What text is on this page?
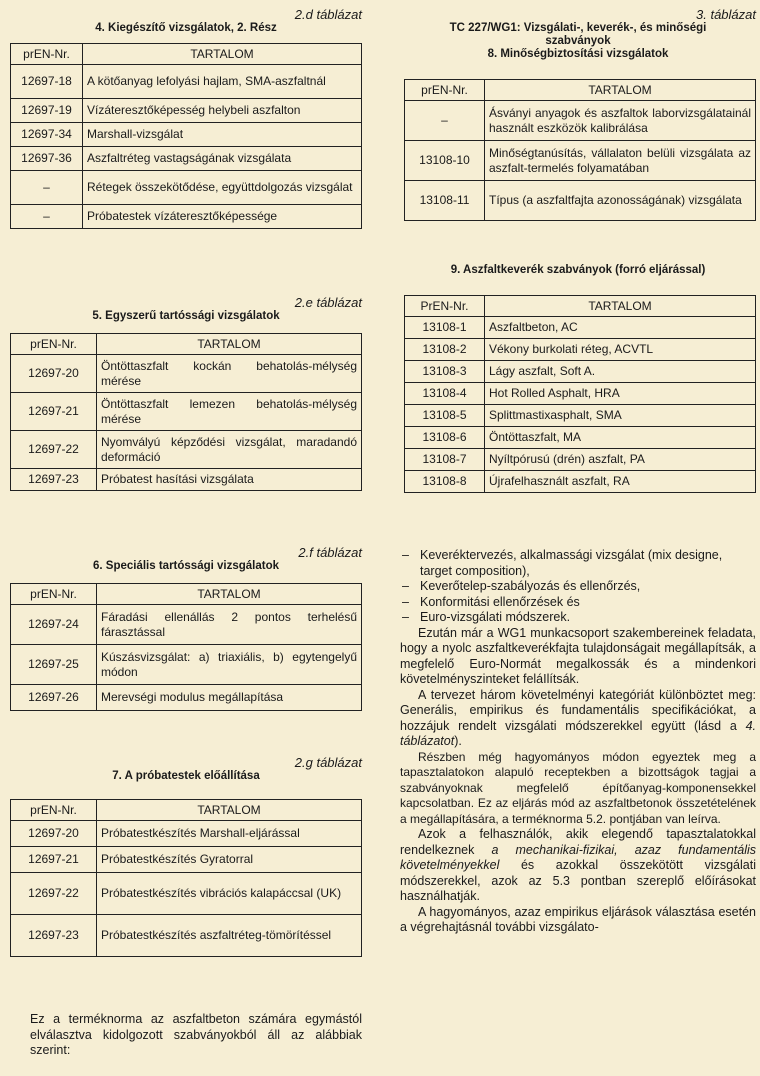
2.d táblázat
4. Kiegészítő vizsgálatok, 2. Rész
prEN-Nr.	TARTALOM
12697-18	A kötőanyag lefolyási hajlam, SMA-aszfaltnál
12697-19	Vízáteresztőképesség helybeli aszfalton
12697-34	Marshall-vizsgálat
12697-36	Aszfaltréteg vastagságának vizsgálata
–	Rétegek összekötődése, együttdolgozás vizsgálat
–	Próbatestek vízáteresztőképessége
2.e táblázat
5. Egyszerű tartóssági vizsgálatok
prEN-Nr.	TARTALOM
12697-20	Öntöttaszfalt kockán behatolás-mélység mérése
12697-21	Öntöttaszfalt lemezen behatolás-mélység mérése
12697-22	Nyomvályú képződési vizsgálat, maradandó deformáció
12697-23	Próbatest hasítási vizsgálata
2.f táblázat
6. Speciális tartóssági vizsgálatok
prEN-Nr.	TARTALOM
12697-24	Fáradási ellenállás 2 pontos terhelésű fárasztással
12697-25	Kúszásvizsgálat: a) triaxiális, b) egytengelyű módon
12697-26	Merevségi modulus megállapítása
2.g táblázat
7. A próbatestek előállítása
prEN-Nr.	TARTALOM
12697-20	Próbatestkészítés Marshall-eljárással
12697-21	Próbatestkészítés Gyratorral
12697-22	Próbatestkészítés vibrációs kalapáccsal (UK)
12697-23	Próbatestkészítés aszfaltréteg-tömörítéssel
Ez a terméknorma az aszfaltbeton számára egymástól elválasztva kidolgozott szabványokból áll az alábbiak szerint:
3. táblázat
TC 227/WG1: Vizsgálati-, keverék-, és minőségi szabványok
8. Minőségbiztosítási vizsgálatok
prEN-Nr.	TARTALOM
–	Ásványi anyagok és aszfaltok laborvizsgálatainál használt eszközök kalibrálása
13108-10	Minőségtanúsítás, vállalaton belüli vizsgálata az aszfalt-termelés folyamatában
13108-11	Típus (a aszfaltfajta azonosságának) vizsgálata
9. Aszfaltkeverék szabványok (forró eljárással)
PrEN-Nr.	TARTALOM
13108-1	Aszfaltbeton, AC
13108-2	Vékony burkolati réteg, ACVTL
13108-3	Lágy aszfalt, Soft A.
13108-4	Hot Rolled Asphalt, HRA
13108-5	Splittmastixasphalt, SMA
13108-6	Öntöttaszfalt, MA
13108-7	Nyíltpórusú (drén) aszfalt, PA
13108-8	Újrafelhasznált aszfalt, RA
– Keveréktervezés, alkalmassági vizsgálat (mix designe, target composition),
– Keverőtelep-szabályozás és ellenőrzés,
– Konformitási ellenőrzések és
– Euro-vizsgálati módszerek.
Ezután már a WG1 munkacsoport szakembereinek feladata, hogy a nyolc aszfaltkeverékfajta tulajdonságait megállapítsák, a megfelelő Euro-Normát megalkossák és a mindenkori követelményszinteket feláIlítsák.
A tervezet három követelményi kategóriát különböztet meg: Generális, empirikus és fundamentális specifikációkat, a hozzájuk rendelt vizsgálati módszerekkel együtt (lásd a 4. táblázatot).
Részben még hagyományos módon egyeztek meg a tapasztalatokon alapuló receptekben a bizottságok tagjai a szabványoknak megfelelő építőanyag-komponensekkel kapcsolatban. Ez az eljárás mód az aszfaltbetonok összetételének a megállapítására, a terméknorma 5.2. pontjában van leírva.
Azok a felhasználók, akik elegendő tapasztalatokkal rendelkeznek a mechanikai-fizikai, azaz fundamentális követelményekkel és azokkal összekötött vizsgálati módszerekkel, azok az 5.3 pontban szereplő előírásokat használhatják.
A hagyományos, azaz empirikus eljárások választása esetén a végrehajtásnál további vizsgálato-
